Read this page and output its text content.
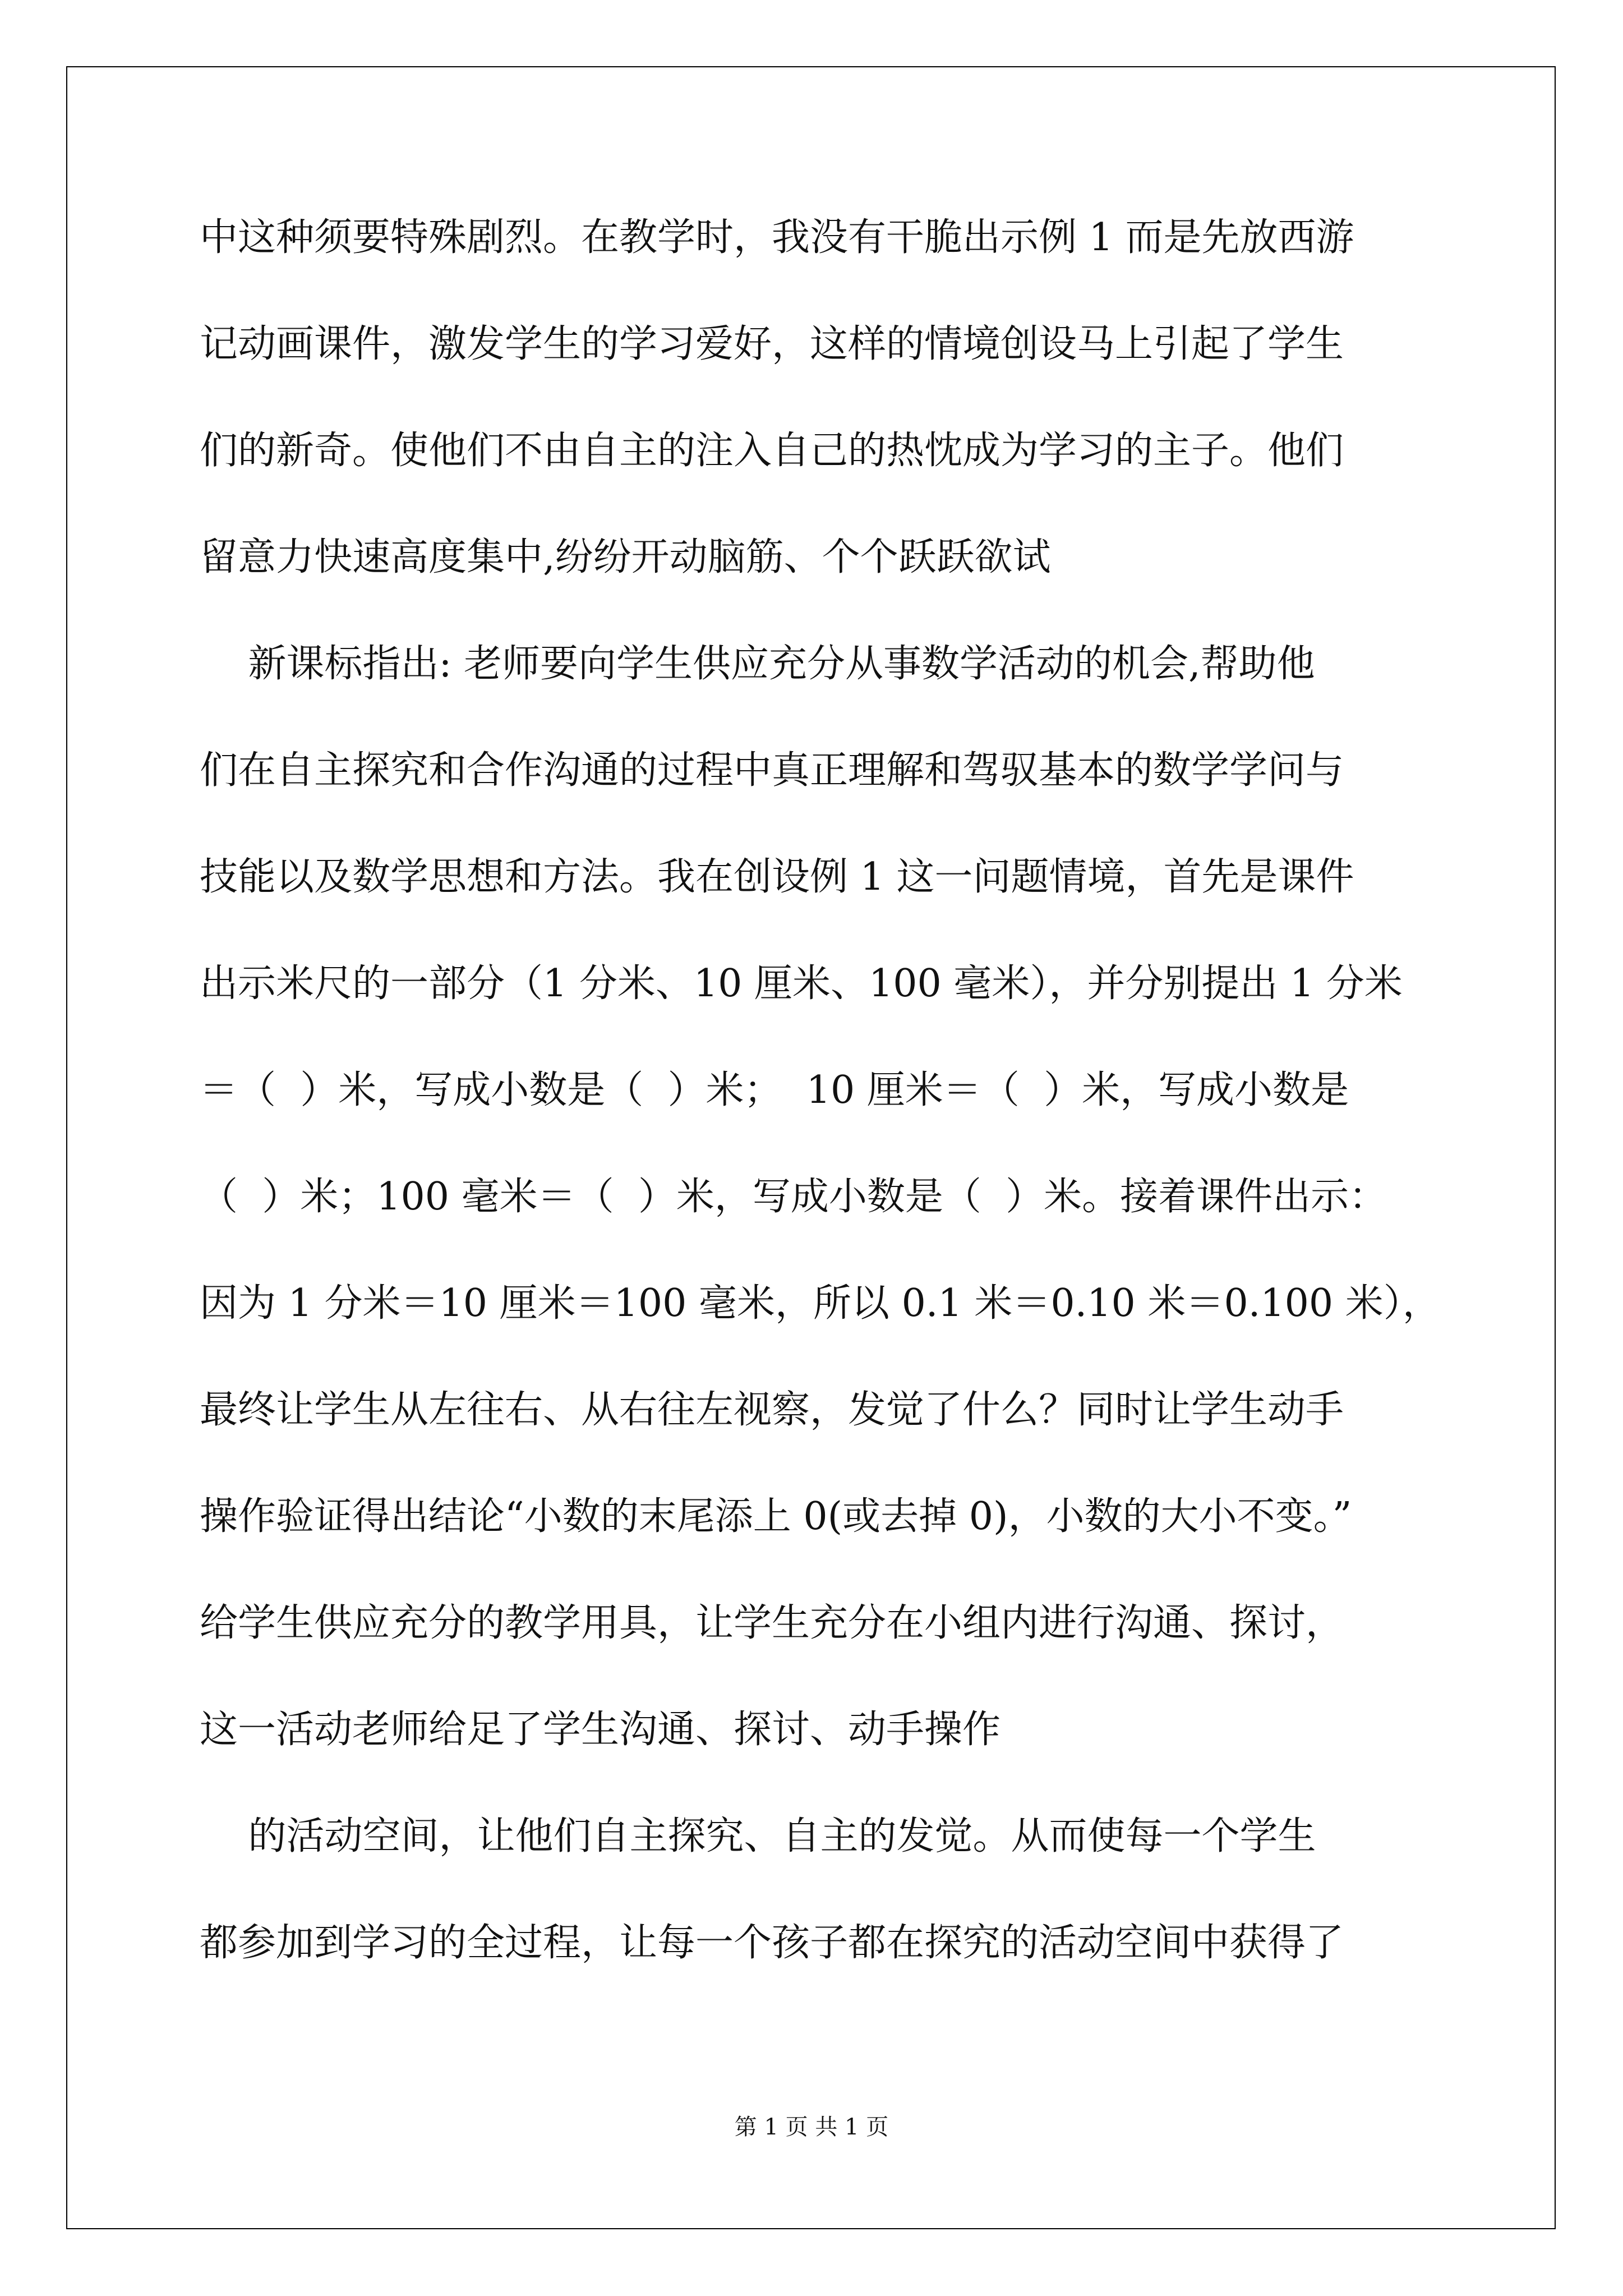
中这种须要特殊剧烈。在教学时，我没有干脆出示例 1 而是先放西游
记动画课件，激发学生的学习爱好，这样的情境创设马上引起了学生
们的新奇。使他们不由自主的注入自己的热忱成为学习的主子。他们
留意力快速高度集中,纷纷开动脑筋、个个跃跃欲试
新课标指出: 老师要向学生供应充分从事数学活动的机会,帮助他
们在自主探究和合作沟通的过程中真正理解和驾驭基本的数学学问与
技能以及数学思想和方法。我在创设例 1 这一问题情境，首先是课件
出示米尺的一部分（1 分米、10 厘米、100 毫米），并分别提出 1 分米
＝（  ）米，写成小数是（  ）米；  10 厘米＝（  ）米，写成小数是
（  ）米；100 毫米＝（  ）米，写成小数是（  ）米。接着课件出示：
因为 1 分米＝10 厘米＝100 毫米，所以 0.1 米＝0.10 米＝0.100 米），
最终让学生从左往右、从右往左视察，发觉了什么？同时让学生动手
操作验证得出结论“小数的末尾添上 0(或去掉 0)，小数的大小不变。”
给学生供应充分的教学用具，让学生充分在小组内进行沟通、探讨，
这一活动老师给足了学生沟通、探讨、动手操作
的活动空间，让他们自主探究、自主的发觉。从而使每一个学生
都参加到学习的全过程，让每一个孩子都在探究的活动空间中获得了
第 1 页 共 1 页
